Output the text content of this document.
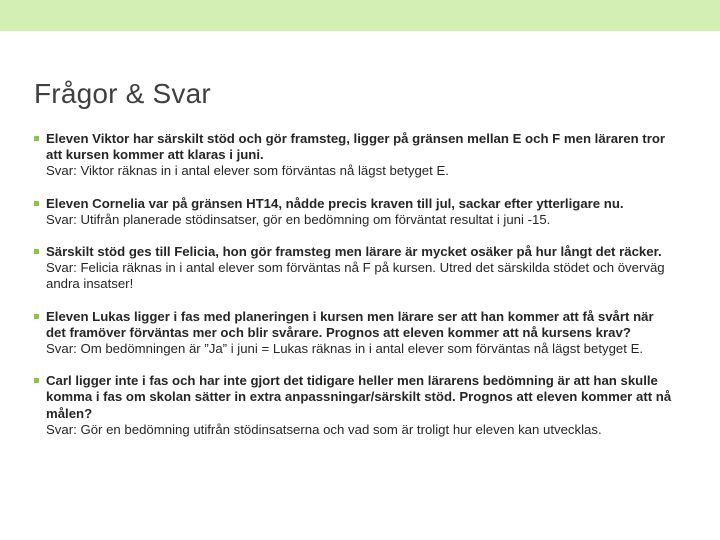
Frågor & Svar
Eleven Viktor har särskilt stöd och gör framsteg, ligger på gränsen mellan E och F men läraren tror att kursen kommer att klaras i juni.
Svar: Viktor räknas in i antal elever som förväntas nå lägst betyget E.
Eleven Cornelia var på gränsen HT14, nådde precis kraven till jul, sackar efter ytterligare nu.
Svar: Utifrån planerade stödinsatser, gör en bedömning om förväntat resultat i juni -15.
Särskilt stöd ges till Felicia, hon gör framsteg men lärare är mycket osäker på hur långt det räcker.
Svar: Felicia räknas in i antal elever som förväntas nå F på kursen. Utred det särskilda stödet och överväg andra insatser!
Eleven Lukas ligger i fas med planeringen i kursen men lärare ser att han kommer att få svårt när det framöver förväntas mer och blir svårare. Prognos att eleven kommer att nå kursens krav?
Svar: Om bedömningen är ”Ja” i juni = Lukas räknas in i antal elever som förväntas nå lägst betyget E.
Carl ligger inte i fas och har inte gjort det tidigare heller men lärarens bedömning är att han skulle komma i fas om skolan sätter in extra anpassningar/särskilt stöd. Prognos att eleven kommer att nå målen?
Svar: Gör en bedömning utifrån stödinsatserna och vad som är troligt hur eleven kan utvecklas.
